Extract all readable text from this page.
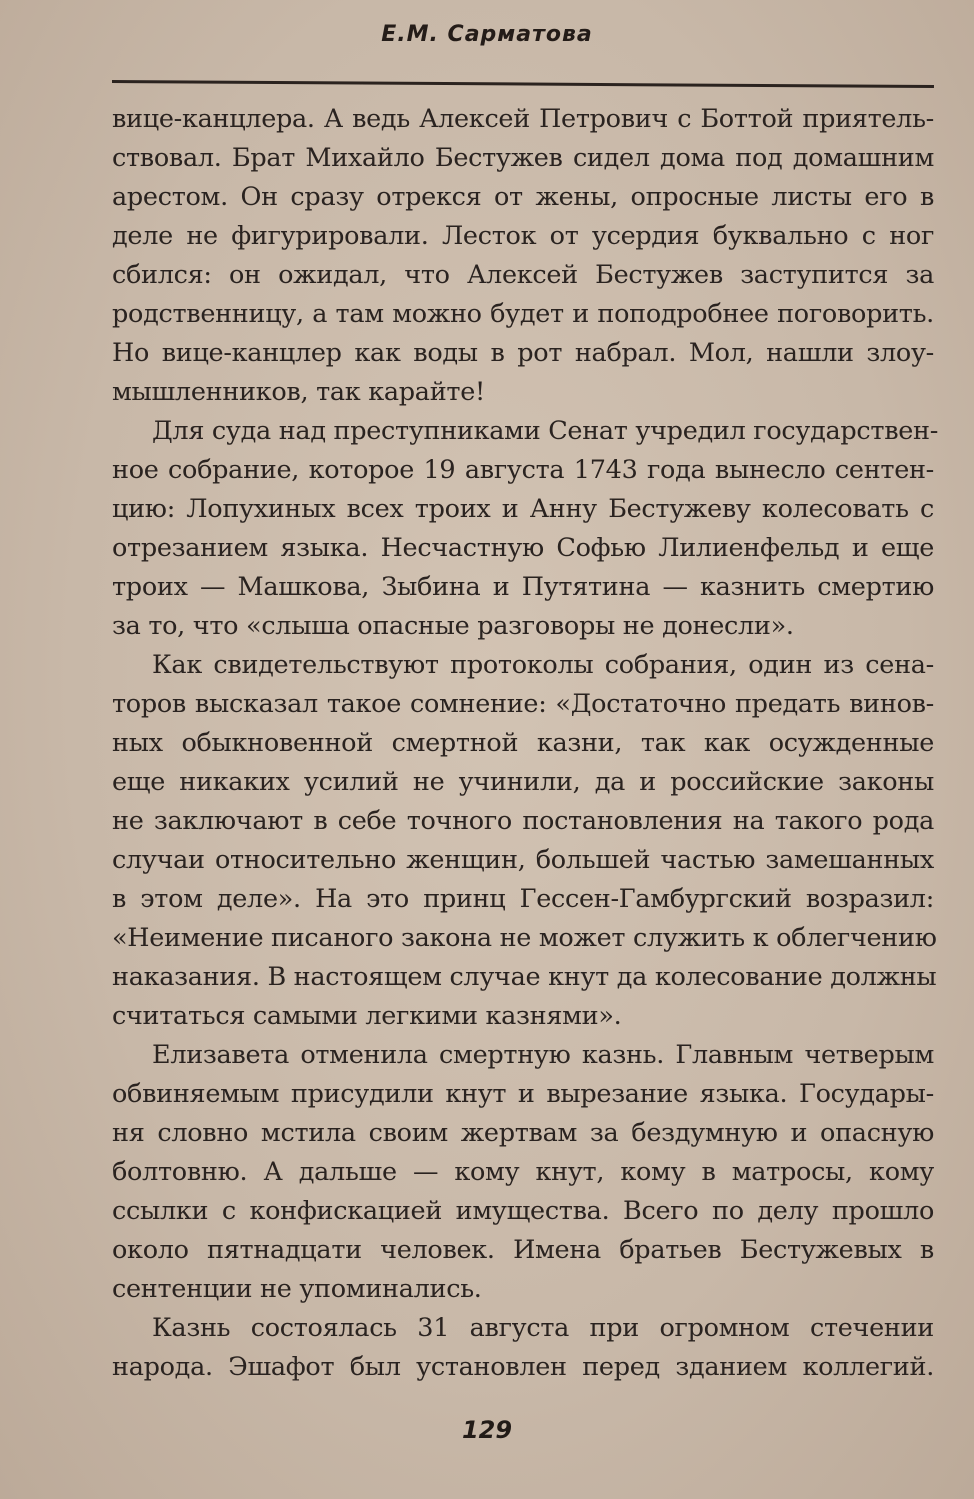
Е.М. Сарматова
вице-канцлера. А ведь Алексей Петрович с Боттой приятель-
ствовал. Брат Михайло Бестужев сидел дома под домашним
арестом. Он сразу отрекся от жены, опросные листы его в
деле не фигурировали. Лесток от усердия буквально с ног
сбился: он ожидал, что Алексей Бестужев заступится за
родственницу, а там можно будет и поподробнее поговорить.
Но вице-канцлер как воды в рот набрал. Мол, нашли злоу-
мышленников, так карайте!
Для суда над преступниками Сенат учредил государствен-
ное собрание, которое 19 августа 1743 года вынесло сентен-
цию: Лопухиных всех троих и Анну Бестужеву колесовать с
отрезанием языка. Несчастную Софью Лилиенфельд и еще
троих — Машкова, Зыбина и Путятина — казнить смертию
за то, что «слыша опасные разговоры не донесли».
Как свидетельствуют протоколы собрания, один из сена-
торов высказал такое сомнение: «Достаточно предать винов-
ных обыкновенной смертной казни, так как осужденные
еще никаких усилий не учинили, да и российские законы
не заключают в себе точного постановления на такого рода
случаи относительно женщин, большей частью замешанных
в этом деле». На это принц Гессен-Гамбургский возразил:
«Неимение писаного закона не может служить к облегчению
наказания. В настоящем случае кнут да колесование должны
считаться самыми легкими казнями».
Елизавета отменила смертную казнь. Главным четверым
обвиняемым присудили кнут и вырезание языка. Государы-
ня словно мстила своим жертвам за бездумную и опасную
болтовню. А дальше — кому кнут, кому в матросы, кому
ссылки с конфискацией имущества. Всего по делу прошло
около пятнадцати человек. Имена братьев Бестужевых в
сентенции не упоминались.
Казнь состоялась 31 августа при огромном стечении
народа. Эшафот был установлен перед зданием коллегий.
129
